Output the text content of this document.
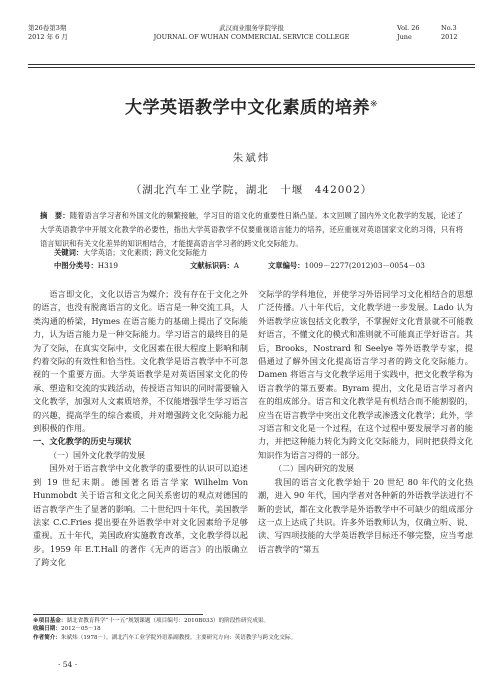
第26卷第3期
2012 年 6 月
武汉商业服务学院学报
JOURNAL OF WUHAN COMMERCIAL SERVICE COLLEGE
Vol. 26	No.3
June	2012
大学英语教学中文化素质的培养※
朱斌炜
（湖北汽车工业学院，湖北　十堰　442002）
摘　要：随着语言学习者和外国文化的频繁接触，学习目的语文化的重要性日渐凸显。本文回顾了国内外文化教学的发展，论述了大学英语教学中开展文化教学的必要性，指出大学英语教学不仅要重视语言能力的培养，还应重视对英语国家文化的习得，只有将语言知识和有关文化差异的知识相结合，才能提高语言学习者的跨文化交际能力。
关键词：大学英语；文化素质；跨文化交际能力
中图分类号：H319	文献标识码：A	文章编号：1009－2277(2012)03－0054－03

语言即文化，文化以语言为媒介；没有存在于文化之外的语言，也没有脱离语言的文化。语言是一种交流工具，人类沟通的桥梁，Hymes 在语言能力的基础上提出了交际能力，认为语言能力是一种交际能力。学习语言的最终目的是为了交际，在真实交际中，文化因素在很大程度上影响和制约着交际的有效性和恰当性。文化教学是语言教学中不可忽视的一个重要方面。大学英语教学是对英语国家文化的传承、塑造和交流的实践活动，传授语言知识的同时需要输入文化教学，加强对人文素质培养，不仅能增强学生学习语言的兴趣，提高学生的综合素质，并对增强跨文化交际能力起到积极的作用。

一、文化教学的历史与现状
（一）国外文化教学的发展

国外对于语言教学中文化教学的重要性的认识可以追述到 19 世纪末期。德国著名语言学家 Wilhelm Von Hunmobdt 关于语言和文化之间关系密切的观点对德国的语言教学产生了显著的影响。二十世纪四十年代，美国教学法家 C.C.Fries 提出要在外语教学中对文化因素给予足够重视。五十年代，美国政府实施教育改革，文化教学得以起步。1959 年 E.T.Hall 的著作《无声的语言》的出版确立了跨文化

交际学的学科地位，并使学习外语同学习文化相结合的思想广泛传播。八十年代后，文化教学进一步发展。Lado 认为外语教学应该包括文化教学，不掌握好文化背景就不可能教好语言，不懂文化的模式和准则就不可能真正学好语言。其后，Brooks，Nostrard 和 Seelye 等外语教学专家，提倡通过了解外国文化提高语言学习者的跨文化交际能力。Damen 将语言与文化教学运用于实践中，把文化教学称为语言教学的第五要素。Byram 提出，文化是语言学习者内在的组成部分。语言和文化教学是有机结合而不能割裂的，应当在语言教学中突出文化教学或渗透文化教学；此外，学习语言和文化是一个过程，在这个过程中要发展学习者的能力，并把这种能力转化为跨文化交际能力，同时把获得文化知识作为语言习得的一部分。

（二）国内研究的发展

我国的语言文化教学始于 20 世纪 80 年代的文化热潮，进入 90 年代，国内学者对各种新的外语教学法进行不断的尝试，都在文化教学是外语教学中不可缺少的组成部分这一点上达成了共识。许多外语教师认为，仅确立听、说、读、写四项技能的大学英语教学目标还不够完整，应当考虑语言教学的“第五

※项目基金：湖北省教育科学“十一五”规划课题（项目编号：2010B033）的阶段性研究成果。
收稿日期：2012－05－18
作者简介：朱斌炜（1978－），湖北汽车工业学院外语系副教授。主要研究方向：英语教学与跨文化交际。
· 54 ·
